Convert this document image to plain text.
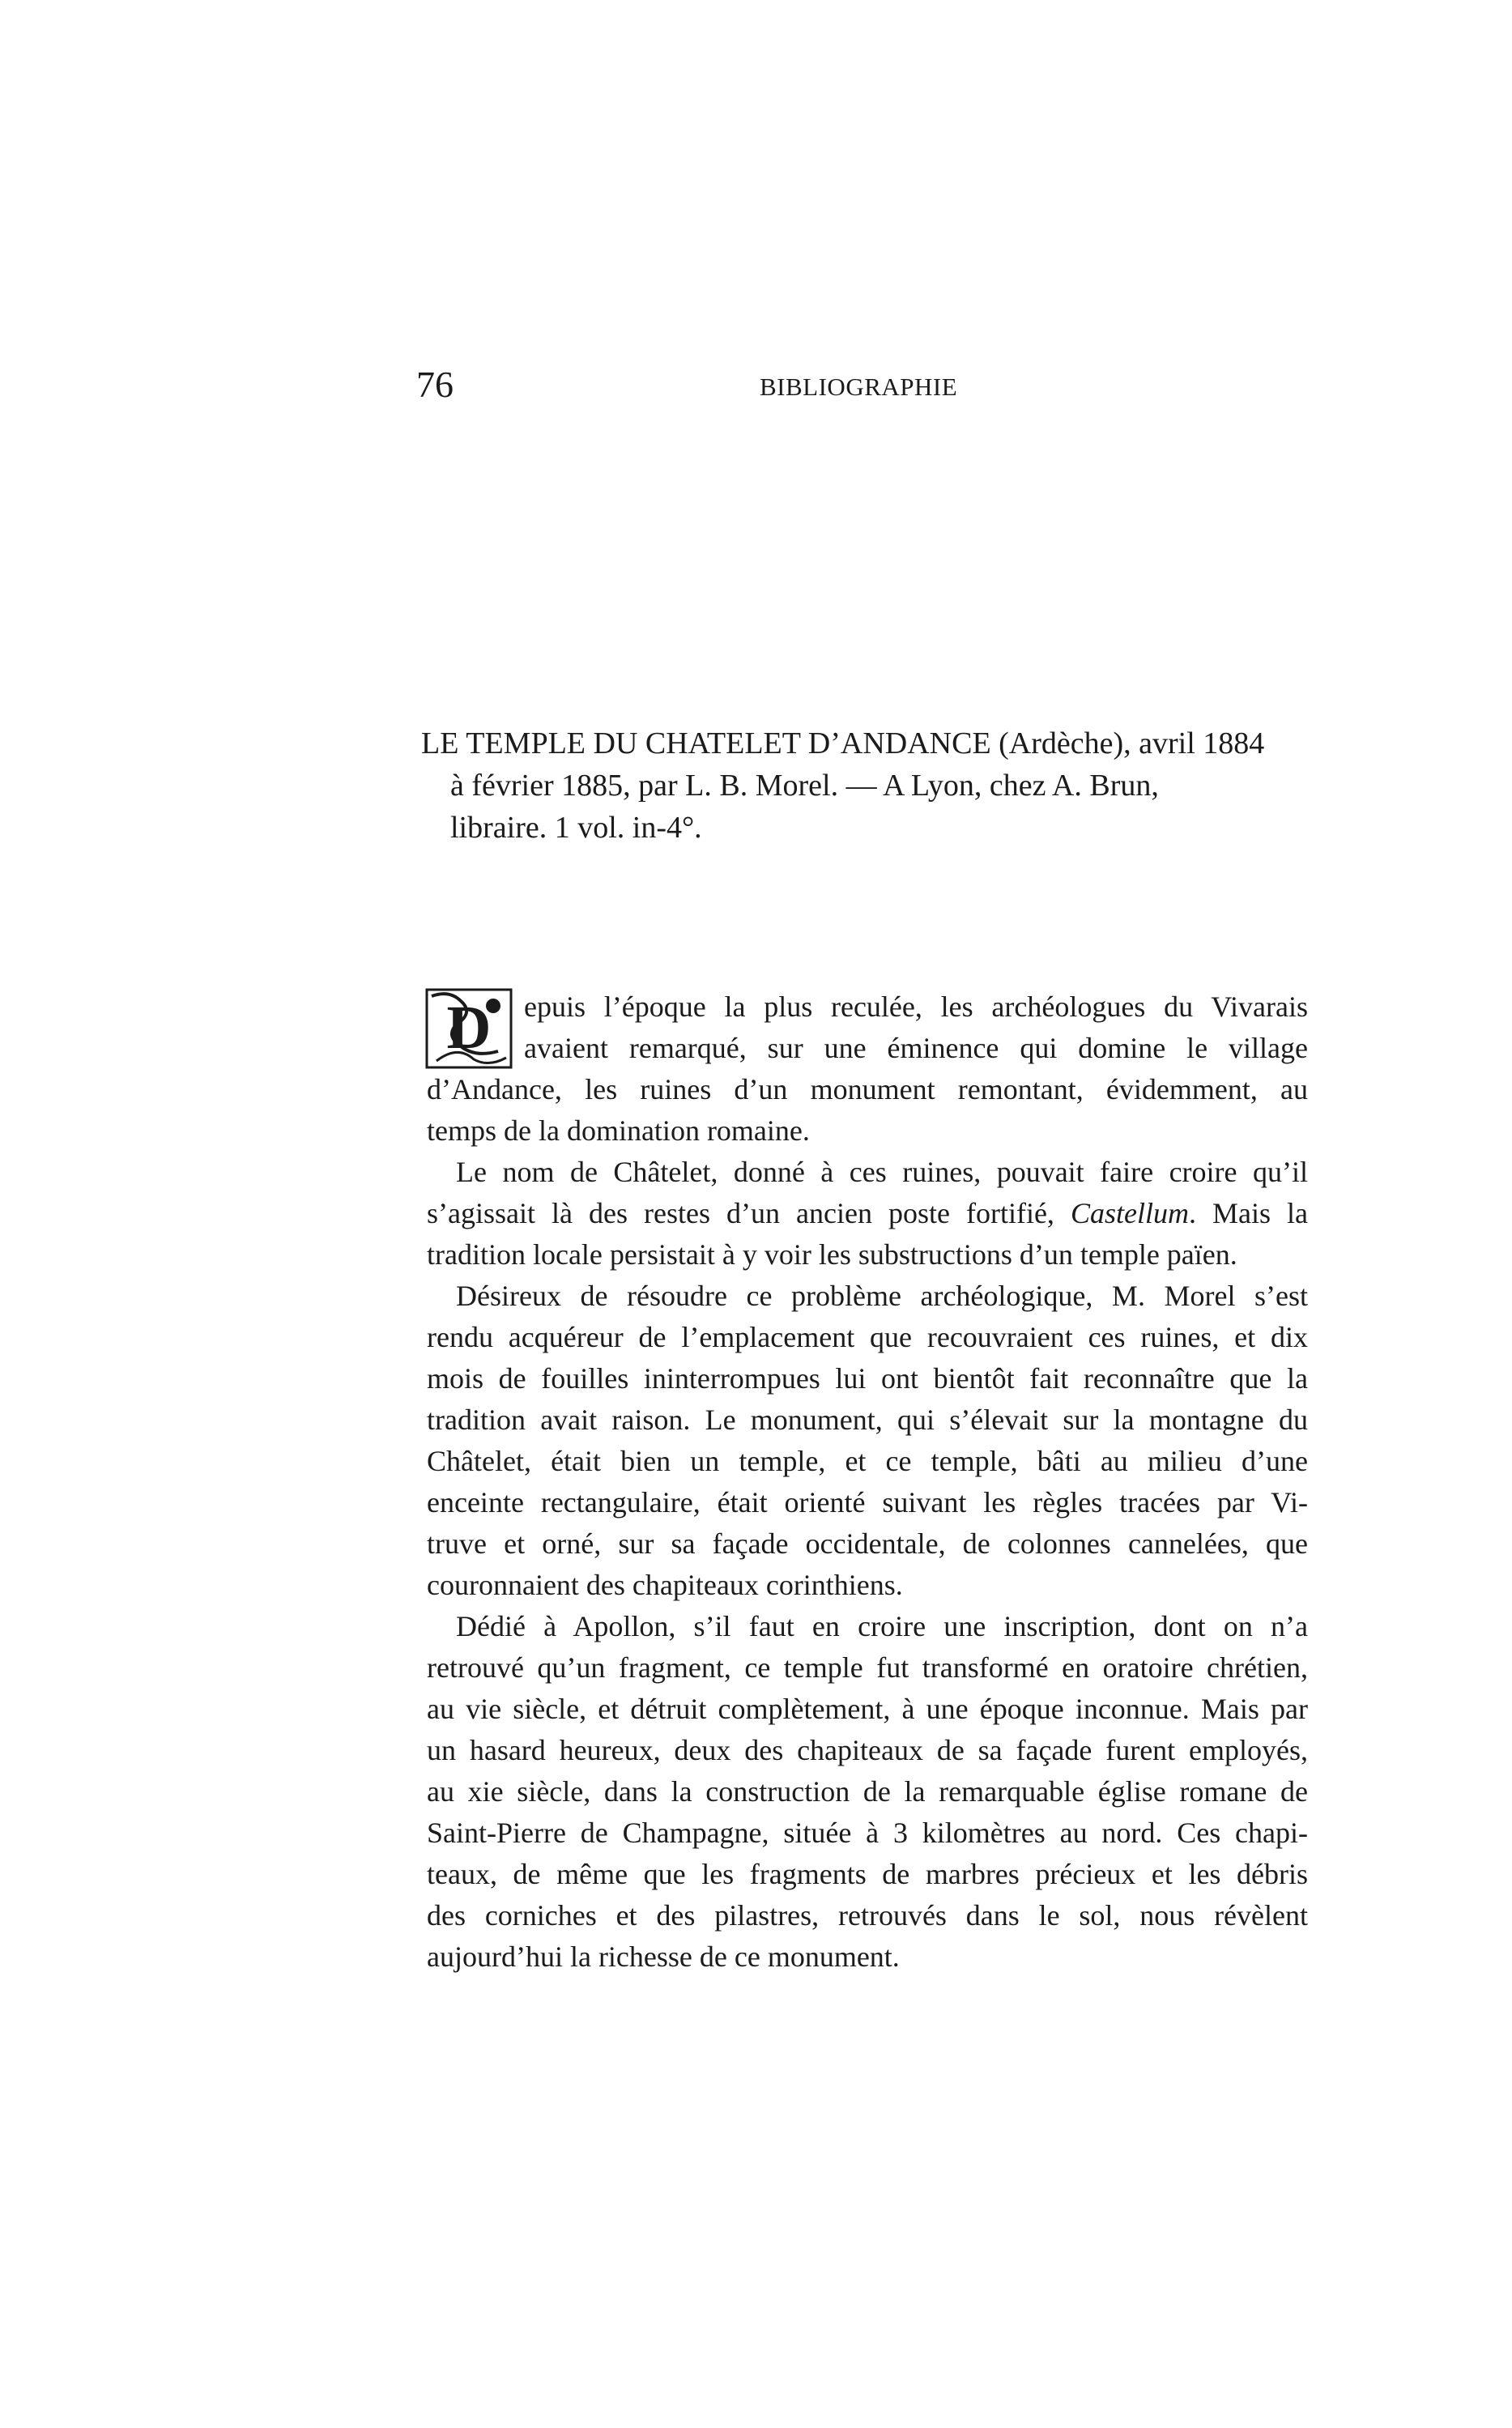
76	BIBLIOGRAPHIE
LE TEMPLE DU CHATELET D’ANDANCE (Ardèche), avril 1884
à février 1885, par L. B. Morel. — A Lyon, chez A. Brun,
libraire. 1 vol. in-4°.
D	epuis l’époque la plus reculée, les archéologues du Vivarais
avaient remarqué, sur une éminence qui domine le village
d’Andance, les ruines d’un monument remontant, évidemment, au
temps de la domination romaine.
Le nom de Châtelet, donné à ces ruines, pouvait faire croire qu’il
s’agissait là des restes d’un ancien poste fortifié, Castellum. Mais la
tradition locale persistait à y voir les substructions d’un temple païen.
Désireux de résoudre ce problème archéologique, M. Morel s’est
rendu acquéreur de l’emplacement que recouvraient ces ruines, et dix
mois de fouilles ininterrompues lui ont bientôt fait reconnaître que la
tradition avait raison. Le monument, qui s’élevait sur la montagne du
Châtelet, était bien un temple, et ce temple, bâti au milieu d’une
enceinte rectangulaire, était orienté suivant les règles tracées par Vi-
truve et orné, sur sa façade occidentale, de colonnes cannelées, que
couronnaient des chapiteaux corinthiens.
Dédié à Apollon, s’il faut en croire une inscription, dont on n’a
retrouvé qu’un fragment, ce temple fut transformé en oratoire chrétien,
au vie siècle, et détruit complètement, à une époque inconnue. Mais par
un hasard heureux, deux des chapiteaux de sa façade furent employés,
au xie siècle, dans la construction de la remarquable église romane de
Saint-Pierre de Champagne, située à 3 kilomètres au nord. Ces chapi-
teaux, de même que les fragments de marbres précieux et les débris
des corniches et des pilastres, retrouvés dans le sol, nous révèlent
aujourd’hui la richesse de ce monument.
